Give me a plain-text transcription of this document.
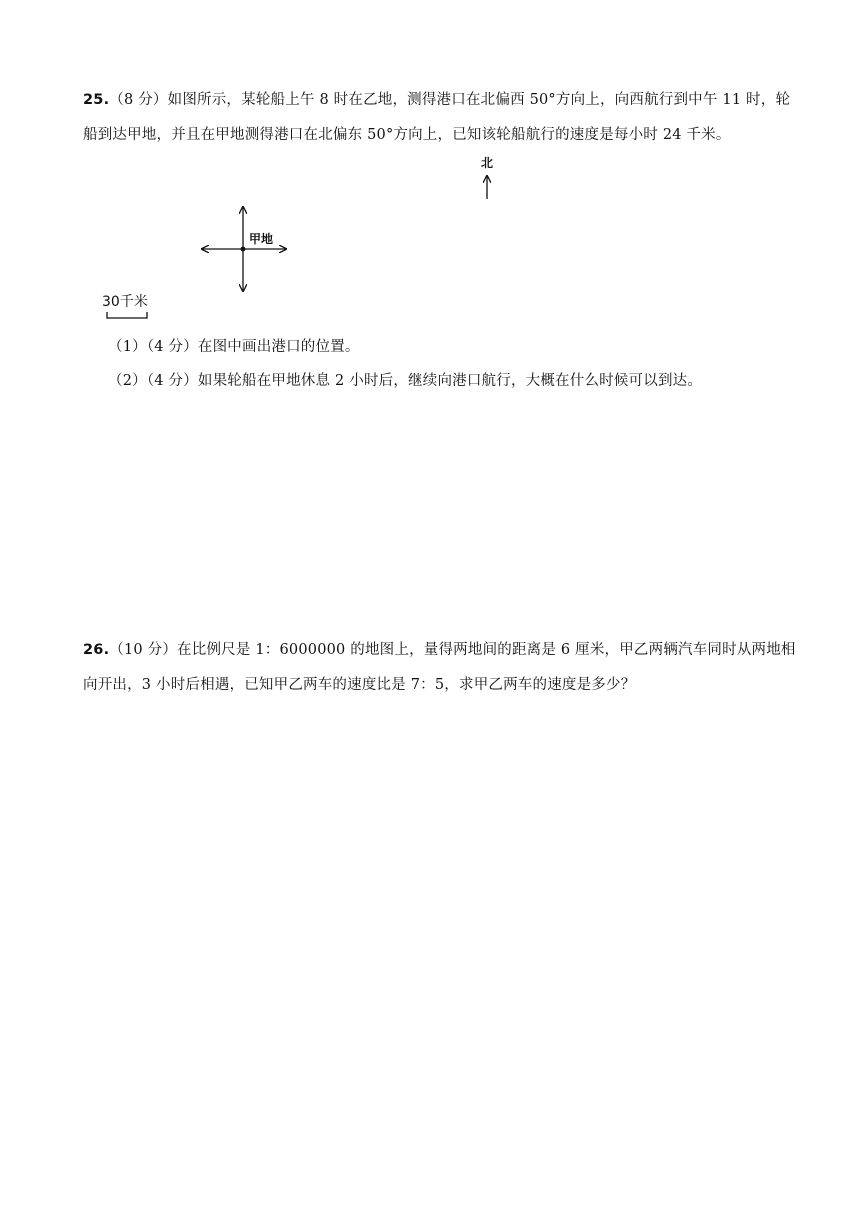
25.（8 分）如图所示，某轮船上午 8 时在乙地，测得港口在北偏西 50°方向上，向西航行到中午 11 时，轮
船到达甲地，并且在甲地测得港口在北偏东 50°方向上，已知该轮船航行的速度是每小时 24 千米。
北
甲地
30千米
（1）（4 分）在图中画出港口的位置。
（2）（4 分）如果轮船在甲地休息 2 小时后，继续向港口航行，大概在什么时候可以到达。
26.（10 分）在比例尺是 1：6000000 的地图上，量得两地间的距离是 6 厘米，甲乙两辆汽车同时从两地相
向开出，3 小时后相遇，已知甲乙两车的速度比是 7：5，求甲乙两车的速度是多少？
